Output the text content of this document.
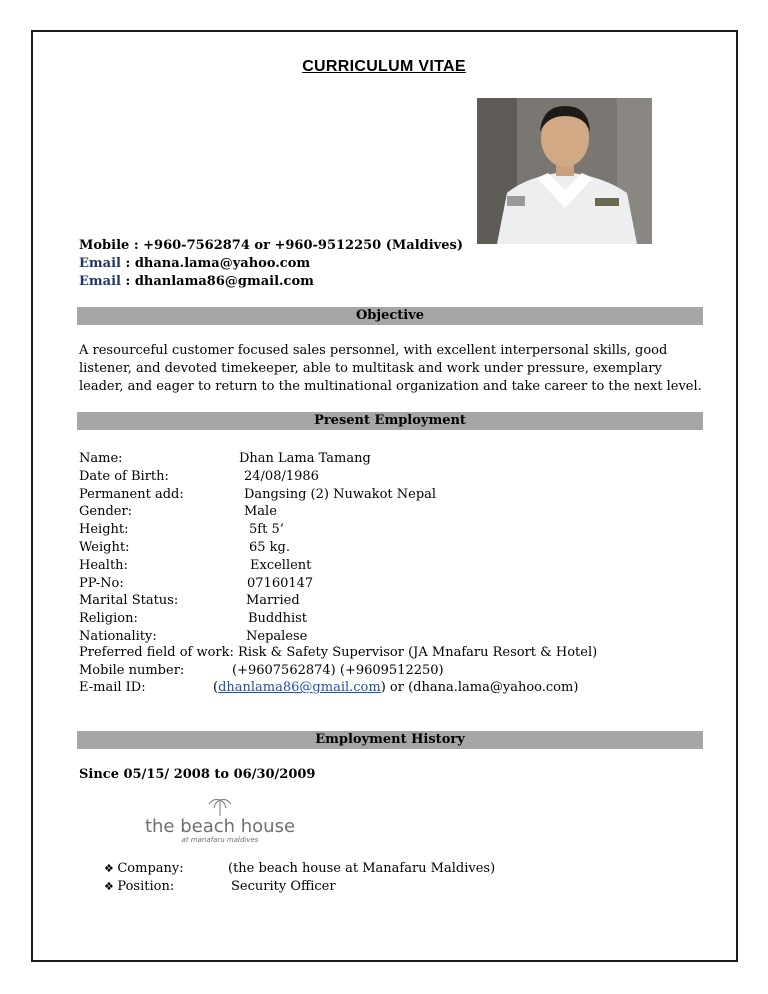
CURRICULUM VITAE
Mobile : +960-7562874 or +960-9512250 (Maldives)
Email : dhana.lama@yahoo.com
Email : dhanlama86@gmail.com
Objective
A resourceful customer focused sales personnel, with excellent interpersonal skills, good listener, and devoted timekeeper, able to multitask and work under pressure, exemplary leader, and eager to return to the multinational organization and take career to the next level.
Present Employment
Name:	Dhan Lama Tamang
Date of Birth:	24/08/1986
Permanent add:	Dangsing (2) Nuwakot Nepal
Gender:	Male
Height:	5ft 5’
Weight:	65 kg.
Health:	Excellent
PP-No:	07160147
Marital Status:	Married
Religion:	Buddhist
Nationality:	Nepalese
Preferred field of work: Risk & Safety Supervisor (JA Mnafaru Resort & Hotel)
Mobile number:	(+9607562874) (+9609512250)
E-mail ID:	(dhanlama86@gmail.com) or (dhana.lama@yahoo.com)
Employment History
Since 05/15/ 2008 to 06/30/2009
the beach house
at manafaru maldives
❖ Company:	(the beach house at Manafaru Maldives)
❖ Position:	Security Officer
